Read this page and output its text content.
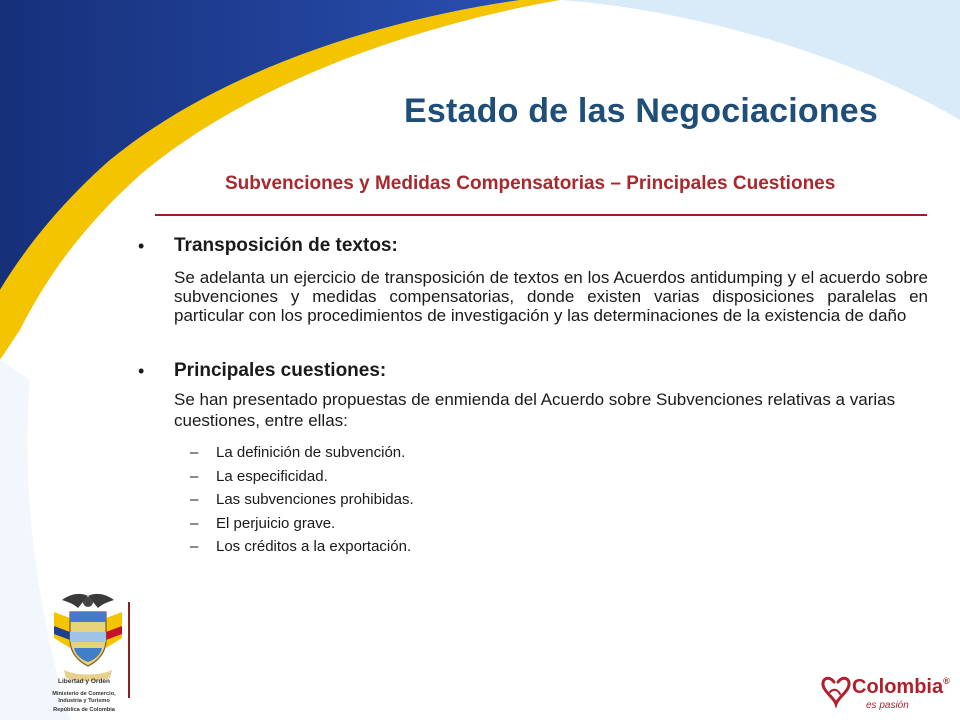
Estado de las Negociaciones
Subvenciones y Medidas Compensatorias – Principales Cuestiones
• Transposición de textos:
Se adelanta un ejercicio de transposición de textos en los Acuerdos antidumping y el acuerdo sobre subvenciones y medidas compensatorias, donde existen varias disposiciones paralelas en particular con los procedimientos de investigación y las determinaciones de la existencia de daño
• Principales cuestiones:
Se han presentado propuestas de enmienda del Acuerdo sobre Subvenciones relativas a varias cuestiones, entre ellas:
– La definición de subvención.
– La especificidad.
– Las subvenciones prohibidas.
– El perjuicio grave.
– Los créditos a la exportación.
Libertad y Orden
Ministerio de Comercio,
Industria y Turismo
República de Colombia
Colombia®
es pasión
